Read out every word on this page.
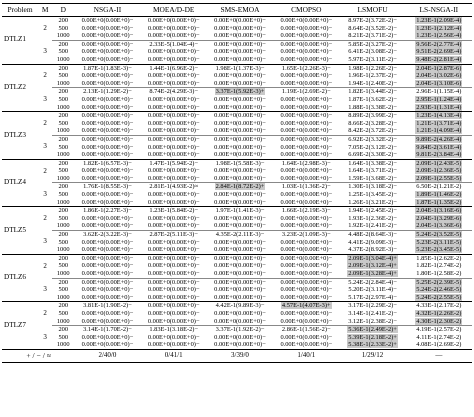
Problem	M	D	NSGA-II	MOEA/D-DE	SMS-EMOA	CMOPSO	LSMOFU	LS-NSGA-II
DTLZ1	2	200	0.00E+0(0.00E+0)−	0.00E+0(0.00E+0)−	0.00E+0(0.00E+0)−	0.00E+0(0.00E+0)−	8.97E-2(3.72E-2)−	1.23E-1(2.09E-4)
		500	0.00E+0(0.00E+0)−	0.00E+0(0.00E+0)−	0.00E+0(0.00E+0)−	0.00E+0(0.00E+0)−	8.64E-2(3.52E-2)−	1.23E-1(2.12E-4)
		1000	0.00E+0(0.00E+0)−	0.00E+0(0.00E+0)−	0.00E+0(0.00E+0)−	0.00E+0(0.00E+0)−	8.21E-2(3.71E-2)−	1.23E-1(2.56E-4)
	3	200	0.00E+0(0.00E+0)−	2.33E-5(1.04E-4)−	0.00E+0(0.00E+0)−	0.00E+0(0.00E+0)−	5.85E-2(3.27E-2)−	9.56E-2(2.77E-4)
		500	0.00E+0(0.00E+0)−	0.00E+0(0.00E+0)−	0.00E+0(0.00E+0)−	0.00E+0(0.00E+0)−	6.41E-2(3.08E-2)−	9.51E-2(2.69E-4)
		1000	0.00E+0(0.00E+0)−	0.00E+0(0.00E+0)−	0.00E+0(0.00E+0)−	0.00E+0(0.00E+0)−	5.97E-2(3.11E-2)−	9.48E-2(2.81E-4)
DTLZ2	2	200	1.87E-1(1.83E-3)−	1.44E-1(6.96E-2)−	1.98E-1(1.37E-3)−	1.65E-1(2.26E-3)−	1.98E-1(2.26E-2)−	2.04E-1(2.87E-6)
		500	0.00E+0(0.00E+0)−	0.00E+0(0.00E+0)−	0.00E+0(0.00E+0)−	0.00E+0(0.00E+0)−	1.96E-1(2.37E-2)−	2.04E-1(3.02E-6)
		1000	0.00E+0(0.00E+0)−	0.00E+0(0.00E+0)−	0.00E+0(0.00E+0)−	0.00E+0(0.00E+0)−	1.94E-1(2.40E-2)−	2.04E-1(3.10E-6)
	3	200	2.13E-1(1.29E-2)−	8.74E-2(4.29E-3)−	3.37E-1(5.92E-3)+	1.19E-1(2.69E-2)−	1.82E-1(3.44E-2)−	2.96E-1(1.15E-4)
		500	0.00E+0(0.00E+0)−	0.00E+0(0.00E+0)−	0.00E+0(0.00E+0)−	0.00E+0(0.00E+0)−	1.87E-1(3.62E-2)−	2.95E-1(1.24E-4)
		1000	0.00E+0(0.00E+0)−	0.00E+0(0.00E+0)−	0.00E+0(0.00E+0)−	0.00E+0(0.00E+0)−	1.88E-1(3.38E-2)−	2.93E-1(1.31E-4)
DTLZ3	2	200	0.00E+0(0.00E+0)−	0.00E+0(0.00E+0)−	0.00E+0(0.00E+0)−	0.00E+0(0.00E+0)−	8.89E-2(3.99E-2)−	1.23E-1(4.13E-4)
		500	0.00E+0(0.00E+0)−	0.00E+0(0.00E+0)−	0.00E+0(0.00E+0)−	0.00E+0(0.00E+0)−	8.66E-2(3.28E-2)−	1.21E-1(3.71E-4)
		1000	0.00E+0(0.00E+0)−	0.00E+0(0.00E+0)−	0.00E+0(0.00E+0)−	0.00E+0(0.00E+0)−	8.42E-2(3.72E-2)−	1.21E-1(4.09E-4)
	3	200	0.00E+0(0.00E+0)−	0.00E+0(0.00E+0)−	0.00E+0(0.00E+0)−	0.00E+0(0.00E+0)−	6.92E-2(3.32E-2)−	9.89E-2(4.26E-4)
		500	0.00E+0(0.00E+0)−	0.00E+0(0.00E+0)−	0.00E+0(0.00E+0)−	0.00E+0(0.00E+0)−	7.05E-2(3.12E-2)−	9.84E-2(3.61E-4)
		1000	0.00E+0(0.00E+0)−	0.00E+0(0.00E+0)−	0.00E+0(0.00E+0)−	0.00E+0(0.00E+0)−	6.69E-2(3.30E-2)−	9.81E-2(3.84E-4)
DTLZ4	2	200	1.82E-1(6.57E-3)−	1.47E-1(5.94E-2)−	1.98E-1(5.58E-3)−	1.64E-1(2.98E-3)−	1.64E-1(3.38E-2)−	2.09E-1(2.43E-5)
		500	0.00E+0(0.00E+0)−	0.00E+0(0.00E+0)−	0.00E+0(0.00E+0)−	0.00E+0(0.00E+0)−	1.64E-1(3.71E-2)−	2.09E-1(2.36E-5)
		1000	0.00E+0(0.00E+0)−	0.00E+0(0.00E+0)−	0.00E+0(0.00E+0)−	0.00E+0(0.00E+0)−	1.59E-1(3.68E-2)−	2.09E-1(2.55E-5)
	3	200	1.76E-1(8.55E-3)−	2.81E-1(4.93E-2)≈	2.84E-1(8.72E-2)+	1.03E-1(1.36E-2)−	1.30E-1(3.18E-2)−	6.50E-2(1.21E-2)
		500	0.00E+0(0.00E+0)−	0.00E+0(0.00E+0)−	0.00E+0(0.00E+0)−	0.00E+0(0.00E+0)−	1.25E-1(3.45E-2)−	1.89E-1(1.46E-2)
		1000	0.00E+0(0.00E+0)−	0.00E+0(0.00E+0)−	0.00E+0(0.00E+0)−	0.00E+0(0.00E+0)−	1.26E-1(3.21E-2)−	1.87E-1(1.35E-2)
DTLZ5	2	200	1.86E-1(2.27E-3)−	1.23E-1(5.84E-2)−	1.97E-1(1.41E-3)−	1.66E-1(2.19E-3)−	1.94E-1(2.45E-2)−	2.04E-1(3.16E-6)
		500	0.00E+0(0.00E+0)−	0.00E+0(0.00E+0)−	0.00E+0(0.00E+0)−	0.00E+0(0.00E+0)−	1.93E-1(2.36E-2)−	2.04E-1(3.29E-6)
		1000	0.00E+0(0.00E+0)−	0.00E+0(0.00E+0)−	0.00E+0(0.00E+0)−	0.00E+0(0.00E+0)−	1.92E-1(2.41E-2)−	2.04E-1(3.36E-6)
	3	200	3.62E-2(3.22E-3)−	2.87E-2(5.11E-3)−	4.35E-2(2.11E-3)−	3.23E-2(1.09E-3)−	4.48E-2(8.64E-3)−	5.24E-2(3.52E-5)
		500	0.00E+0(0.00E+0)−	0.00E+0(0.00E+0)−	0.00E+0(0.00E+0)−	0.00E+0(0.00E+0)−	4.41E-2(9.09E-3)−	5.23E-2(3.11E-5)
		1000	0.00E+0(0.00E+0)−	0.00E+0(0.00E+0)−	0.00E+0(0.00E+0)−	0.00E+0(0.00E+0)−	4.37E-2(8.92E-3)−	5.23E-2(3.45E-5)
DTLZ6	2	200	0.00E+0(0.00E+0)−	0.00E+0(0.00E+0)−	0.00E+0(0.00E+0)−	0.00E+0(0.00E+0)−	2.09E-1(3.04E-4)+	1.85E-1(2.62E-2)
		500	0.00E+0(0.00E+0)−	0.00E+0(0.00E+0)−	0.00E+0(0.00E+0)−	0.00E+0(0.00E+0)−	2.09E-1(3.12E-4)+	1.82E-1(2.74E-2)
		1000	0.00E+0(0.00E+0)−	0.00E+0(0.00E+0)−	0.00E+0(0.00E+0)−	0.00E+0(0.00E+0)−	2.09E-1(3.28E-4)+	1.80E-1(2.58E-2)
	3	200	0.00E+0(0.00E+0)−	0.00E+0(0.00E+0)−	0.00E+0(0.00E+0)−	0.00E+0(0.00E+0)−	5.24E-2(2.84E-4)−	5.25E-2(2.39E-5)
		500	0.00E+0(0.00E+0)−	0.00E+0(0.00E+0)−	0.00E+0(0.00E+0)−	0.00E+0(0.00E+0)−	5.20E-2(3.11E-4)−	5.24E-2(2.46E-5)
		1000	0.00E+0(0.00E+0)−	0.00E+0(0.00E+0)−	0.00E+0(0.00E+0)−	0.00E+0(0.00E+0)−	5.17E-2(2.97E-4)−	5.24E-2(2.55E-5)
DTLZ7	2	200	3.81E-1(1.90E-2)−	0.00E+0(0.00E+0)−	4.42E-1(9.89E-3)−	4.57E-1(4.07E-3)+	3.17E-1(2.29E-2)−	4.33E-1(2.17E-2)
		500	0.00E+0(0.00E+0)−	0.00E+0(0.00E+0)−	0.00E+0(0.00E+0)−	0.00E+0(0.00E+0)−	3.14E-1(2.41E-2)−	4.32E-1(2.26E-2)
		1000	0.00E+0(0.00E+0)−	0.00E+0(0.00E+0)−	0.00E+0(0.00E+0)−	0.00E+0(0.00E+0)−	3.12E-1(2.38E-2)−	4.30E-1(2.30E-2)
	3	200	3.14E-1(1.70E-2)−	1.83E-1(3.18E-2)−	3.37E-1(1.92E-2)−	2.86E-1(1.56E-2)−	5.36E-1(2.49E-2)+	4.19E-1(2.57E-2)
		500	0.00E+0(0.00E+0)−	0.00E+0(0.00E+0)−	0.00E+0(0.00E+0)−	0.00E+0(0.00E+0)−	5.39E-1(2.18E-2)+	4.11E-1(2.74E-2)
		1000	0.00E+0(0.00E+0)−	0.00E+0(0.00E+0)−	0.00E+0(0.00E+0)−	0.00E+0(0.00E+0)−	5.38E-1(2.33E-2)+	4.08E-1(2.69E-2)
+ / − / ≈			2/40/0	0/41/1	3/39/0	1/40/1	1/29/12	—
